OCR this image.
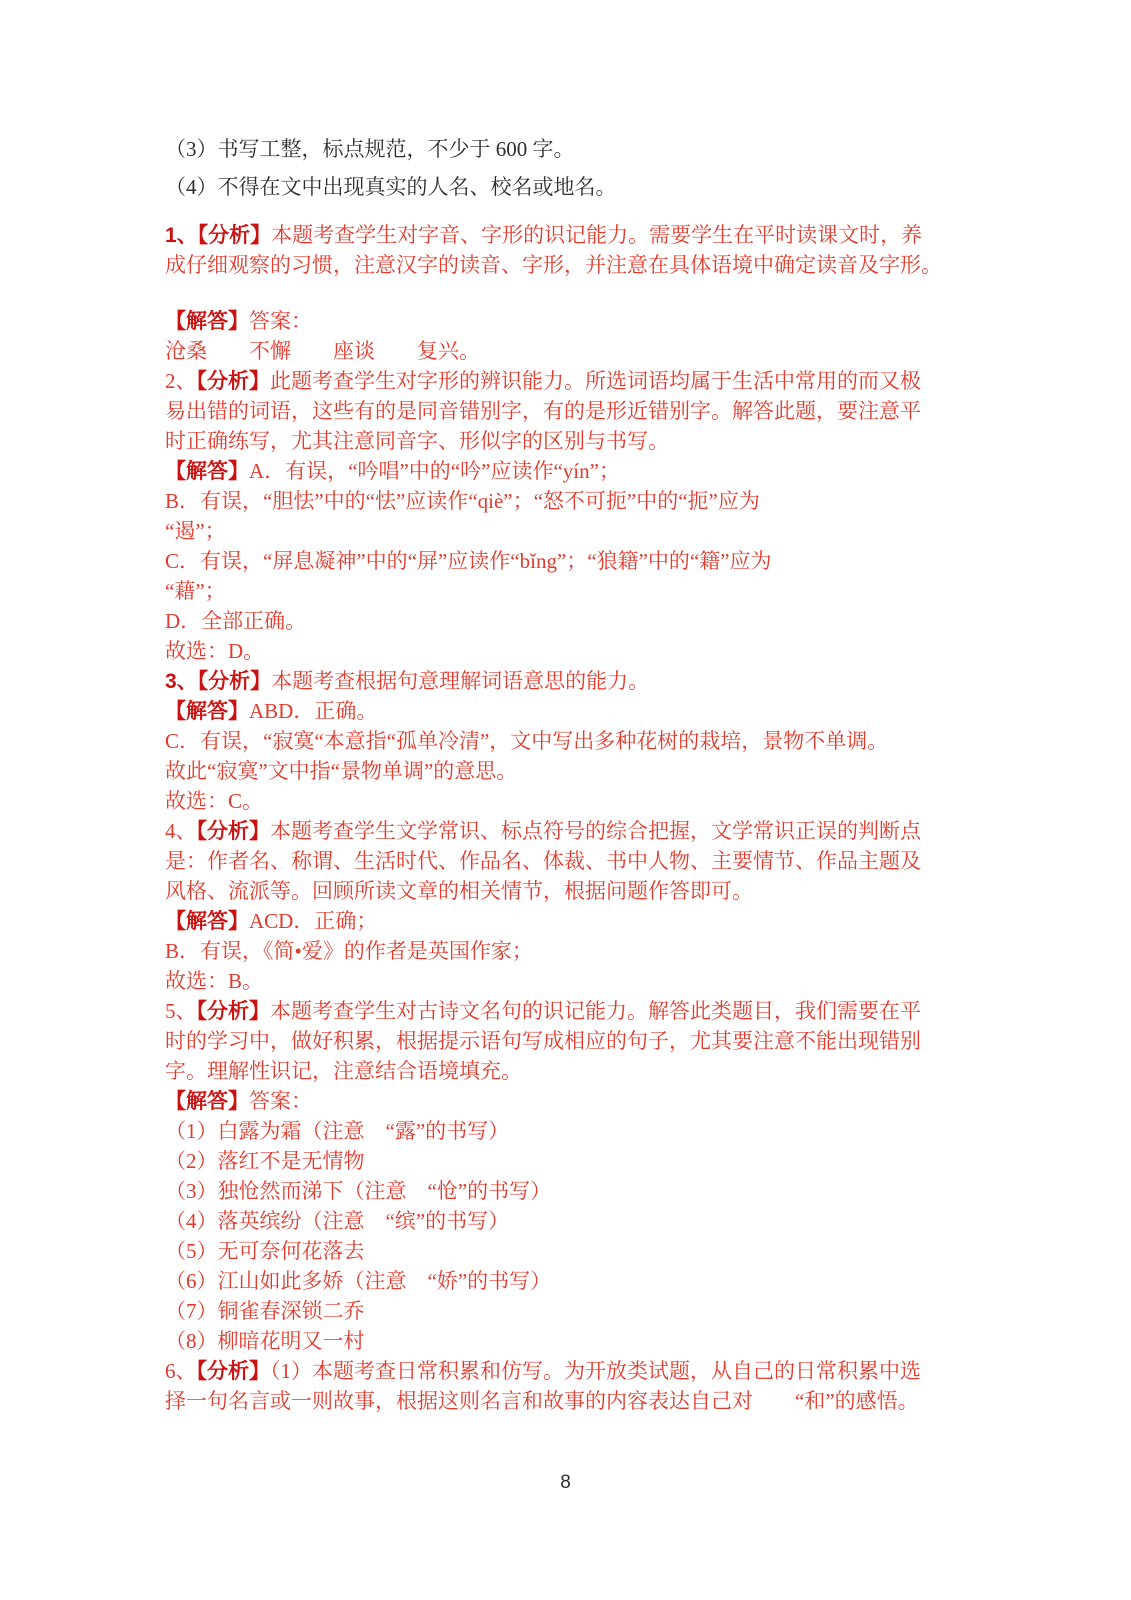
（3）书写工整，标点规范，不少于 600 字。
（4）不得在文中出现真实的人名、校名或地名。
1、【分析】本题考查学生对字音、字形的识记能力。需要学生在平时读课文时，养
成仔细观察的习惯，注意汉字的读音、字形，并注意在具体语境中确定读音及字形。
【解答】答案：
沧桑　　不懈　　座谈　　复兴。
2、【分析】此题考查学生对字形的辨识能力。所选词语均属于生活中常用的而又极
易出错的词语，这些有的是同音错别字，有的是形近错别字。解答此题，要注意平
时正确练写，尤其注意同音字、形似字的区别与书写。
【解答】A．有误，“吟唱”中的“吟”应读作“yín”；
B．有误，“胆怯”中的“怯”应读作“qiè”；“怒不可扼”中的“扼”应为
“遏”；
C．有误，“屏息凝神”中的“屏”应读作“bǐng”；“狼籍”中的“籍”应为
“藉”；
D．全部正确。
故选：D。
3、【分析】本题考查根据句意理解词语意思的能力。
【解答】ABD．正确。
C．有误，“寂寞“本意指“孤单冷清”，文中写出多种花树的栽培，景物不单调。
故此“寂寞”文中指“景物单调”的意思。
故选：C。
4、【分析】本题考查学生文学常识、标点符号的综合把握，文学常识正误的判断点
是：作者名、称谓、生活时代、作品名、体裁、书中人物、主要情节、作品主题及
风格、流派等。回顾所读文章的相关情节，根据问题作答即可。
【解答】ACD．正确；
B．有误，《简•爱》的作者是英国作家；
故选：B。
5、【分析】本题考查学生对古诗文名句的识记能力。解答此类题目，我们需要在平
时的学习中，做好积累，根据提示语句写成相应的句子，尤其要注意不能出现错别
字。理解性识记，注意结合语境填充。
【解答】答案：
（1）白露为霜（注意　“露”的书写）
（2）落红不是无情物
（3）独怆然而涕下（注意　“怆”的书写）
（4）落英缤纷（注意　“缤”的书写）
（5）无可奈何花落去
（6）江山如此多娇（注意　“娇”的书写）
（7）铜雀春深锁二乔
（8）柳暗花明又一村
6、【分析】（1）本题考查日常积累和仿写。为开放类试题，从自己的日常积累中选
择一句名言或一则故事，根据这则名言和故事的内容表达自己对　　“和”的感悟。
8
